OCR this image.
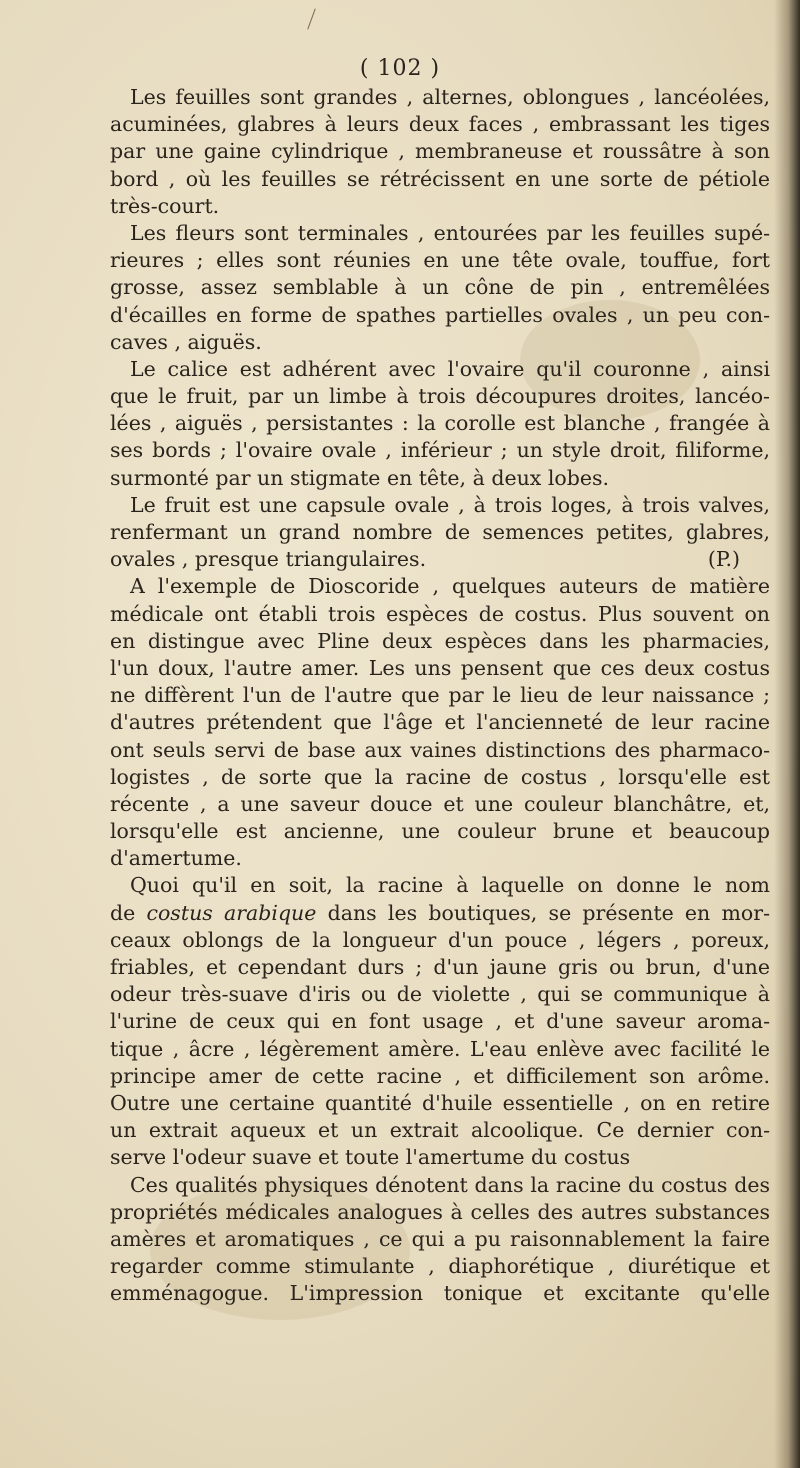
( 102 )
Les feuilles sont grandes , alternes, oblongues , lancéolées,
acuminées, glabres à leurs deux faces , embrassant les tiges
par une gaine cylindrique , membraneuse et roussâtre à son
bord , où les feuilles se rétrécissent en une sorte de pétiole
très-court.
Les fleurs sont terminales , entourées par les feuilles supé-
rieures ; elles sont réunies en une tête ovale, touffue, fort
grosse, assez semblable à un cône de pin , entremêlées
d'écailles en forme de spathes partielles ovales , un peu con-
caves , aiguës.
Le calice est adhérent avec l'ovaire qu'il couronne , ainsi
que le fruit, par un limbe à trois découpures droites, lancéo-
lées , aiguës , persistantes : la corolle est blanche , frangée à
ses bords ; l'ovaire ovale , inférieur ; un style droit, filiforme,
surmonté par un stigmate en tête, à deux lobes.
Le fruit est une capsule ovale , à trois loges, à trois valves,
renfermant un grand nombre de semences petites, glabres,
ovales , presque triangulaires.	(P.)
A l'exemple de Dioscoride , quelques auteurs de matière
médicale ont établi trois espèces de costus. Plus souvent on
en distingue avec Pline deux espèces dans les pharmacies,
l'un doux, l'autre amer. Les uns pensent que ces deux costus
ne diffèrent l'un de l'autre que par le lieu de leur naissance ;
d'autres prétendent que l'âge et l'ancienneté de leur racine
ont seuls servi de base aux vaines distinctions des pharmaco-
logistes , de sorte que la racine de costus , lorsqu'elle est
récente , a une saveur douce et une couleur blanchâtre, et,
lorsqu'elle est ancienne, une couleur brune et beaucoup
d'amertume.
Quoi qu'il en soit, la racine à laquelle on donne le nom
de costus arabique dans les boutiques, se présente en mor-
ceaux oblongs de la longueur d'un pouce , légers , poreux,
friables, et cependant durs ; d'un jaune gris ou brun, d'une
odeur très-suave d'iris ou de violette , qui se communique à
l'urine de ceux qui en font usage , et d'une saveur aroma-
tique , âcre , légèrement amère. L'eau enlève avec facilité le
principe amer de cette racine , et difficilement son arôme.
Outre une certaine quantité d'huile essentielle , on en retire
un extrait aqueux et un extrait alcoolique. Ce dernier con-
serve l'odeur suave et toute l'amertume du costus
Ces qualités physiques dénotent dans la racine du costus des
propriétés médicales analogues à celles des autres substances
amères et aromatiques , ce qui a pu raisonnablement la faire
regarder comme stimulante , diaphorétique , diurétique et
emménagogue. L'impression tonique et excitante qu'elle
